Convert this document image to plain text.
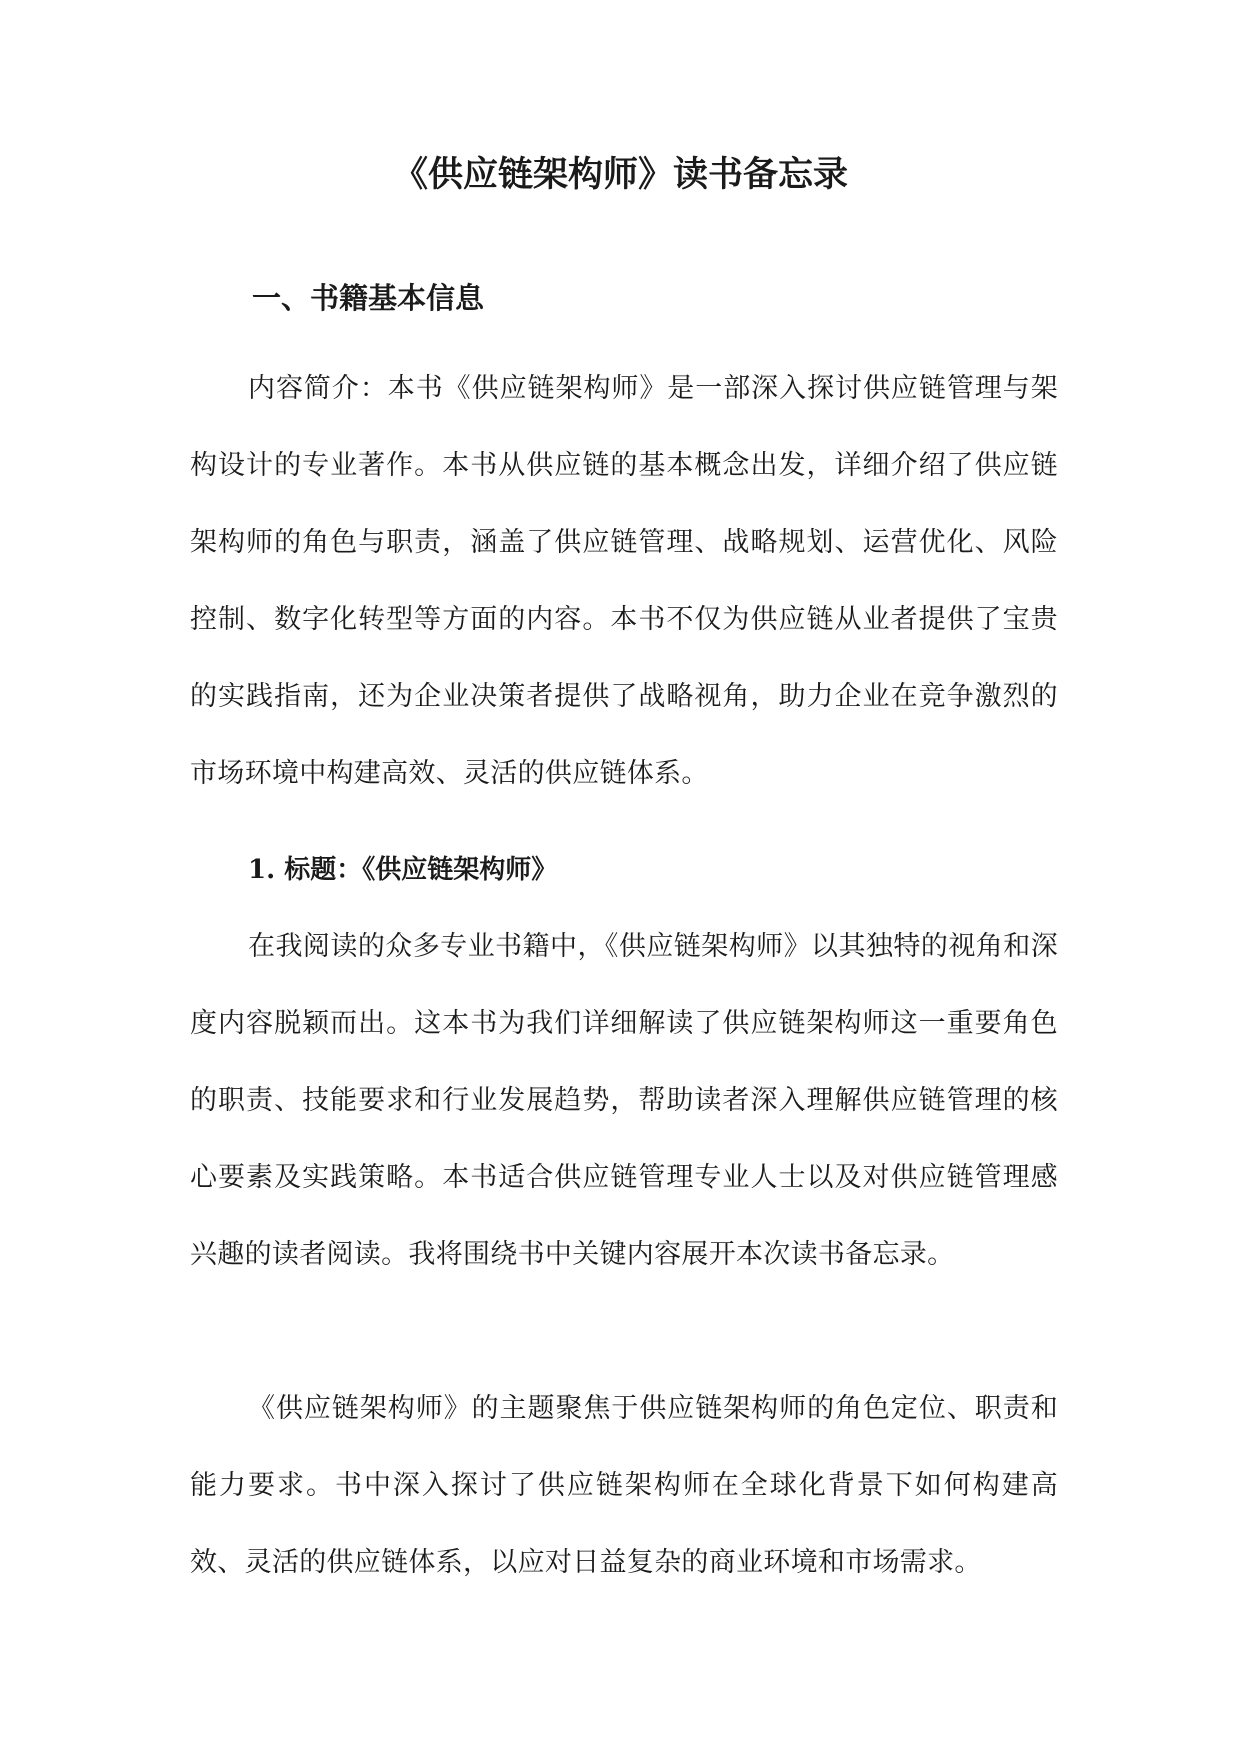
《供应链架构师》读书备忘录
一、书籍基本信息

内容简介：本书《供应链架构师》是一部深入探讨供应链管理与架构设计的专业著作。本书从供应链的基本概念出发，详细介绍了供应链架构师的角色与职责，涵盖了供应链管理、战略规划、运营优化、风险控制、数字化转型等方面的内容。本书不仅为供应链从业者提供了宝贵的实践指南，还为企业决策者提供了战略视角，助力企业在竞争激烈的市场环境中构建高效、灵活的供应链体系。

1. 标题：《供应链架构师》

在我阅读的众多专业书籍中，《供应链架构师》以其独特的视角和深度内容脱颖而出。这本书为我们详细解读了供应链架构师这一重要角色的职责、技能要求和行业发展趋势，帮助读者深入理解供应链管理的核心要素及实践策略。本书适合供应链管理专业人士以及对供应链管理感兴趣的读者阅读。我将围绕书中关键内容展开本次读书备忘录。

《供应链架构师》的主题聚焦于供应链架构师的角色定位、职责和能力要求。书中深入探讨了供应链架构师在全球化背景下如何构建高效、灵活的供应链体系，以应对日益复杂的商业环境和市场需求。
